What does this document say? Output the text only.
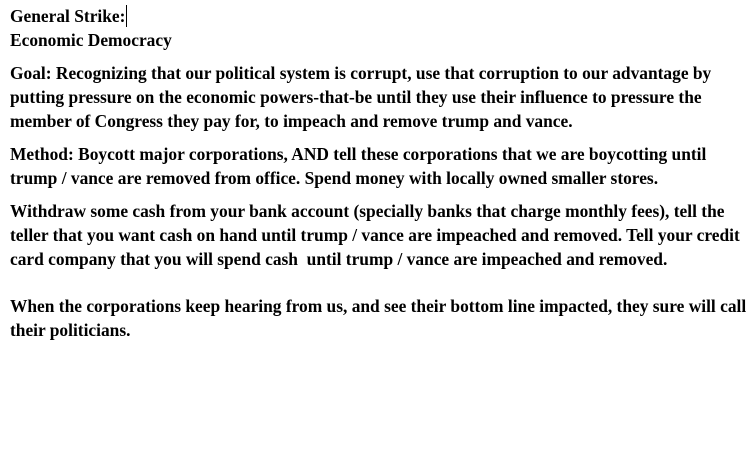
General Strike:

Economic Democracy

Goal: Recognizing that our political system is corrupt, use that corruption to our advantage by putting pressure on the economic powers-that-be until they use their influence to pressure the member of Congress they pay for, to impeach and remove trump and vance.

Method: Boycott major corporations, AND tell these corporations that we are boycotting until trump / vance are removed from office. Spend money with locally owned smaller stores.

Withdraw some cash from your bank account (specially banks that charge monthly fees), tell the teller that you want cash on hand until trump / vance are impeached and removed. Tell your credit card company that you will spend cash  until trump / vance are impeached and removed.

When the corporations keep hearing from us, and see their bottom line impacted, they sure will call their politicians.
